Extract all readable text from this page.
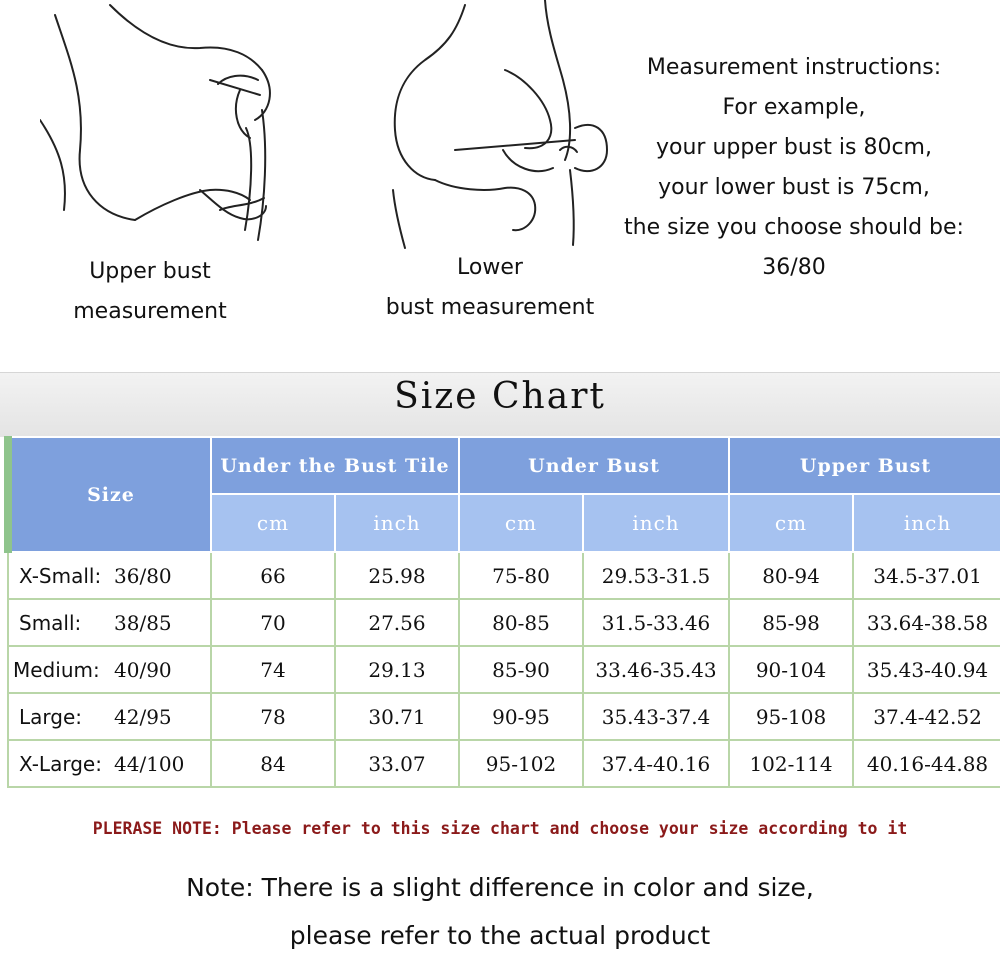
Upper bust
measurement
Lower
bust measurement
Measurement instructions:
For example,
your upper bust is 80cm,
your lower bust is 75cm,
the size you choose should be:
36/80
Size Chart
Size	Under the Bust Tile		Under Bust		Upper Bust	
	cm	inch	cm	inch	cm	inch
X-Small: 36/80	66	25.98	75-80	29.53-31.5	80-94	34.5-37.01
Small: 38/85	70	27.56	80-85	31.5-33.46	85-98	33.64-38.58
Medium: 40/90	74	29.13	85-90	33.46-35.43	90-104	35.43-40.94
Large: 42/95	78	30.71	90-95	35.43-37.4	95-108	37.4-42.52
X-Large: 44/100	84	33.07	95-102	37.4-40.16	102-114	40.16-44.88
PLERASE NOTE: Please refer to this size chart and choose your size according to it
Note: There is a slight difference in color and size,
please refer to the actual product
